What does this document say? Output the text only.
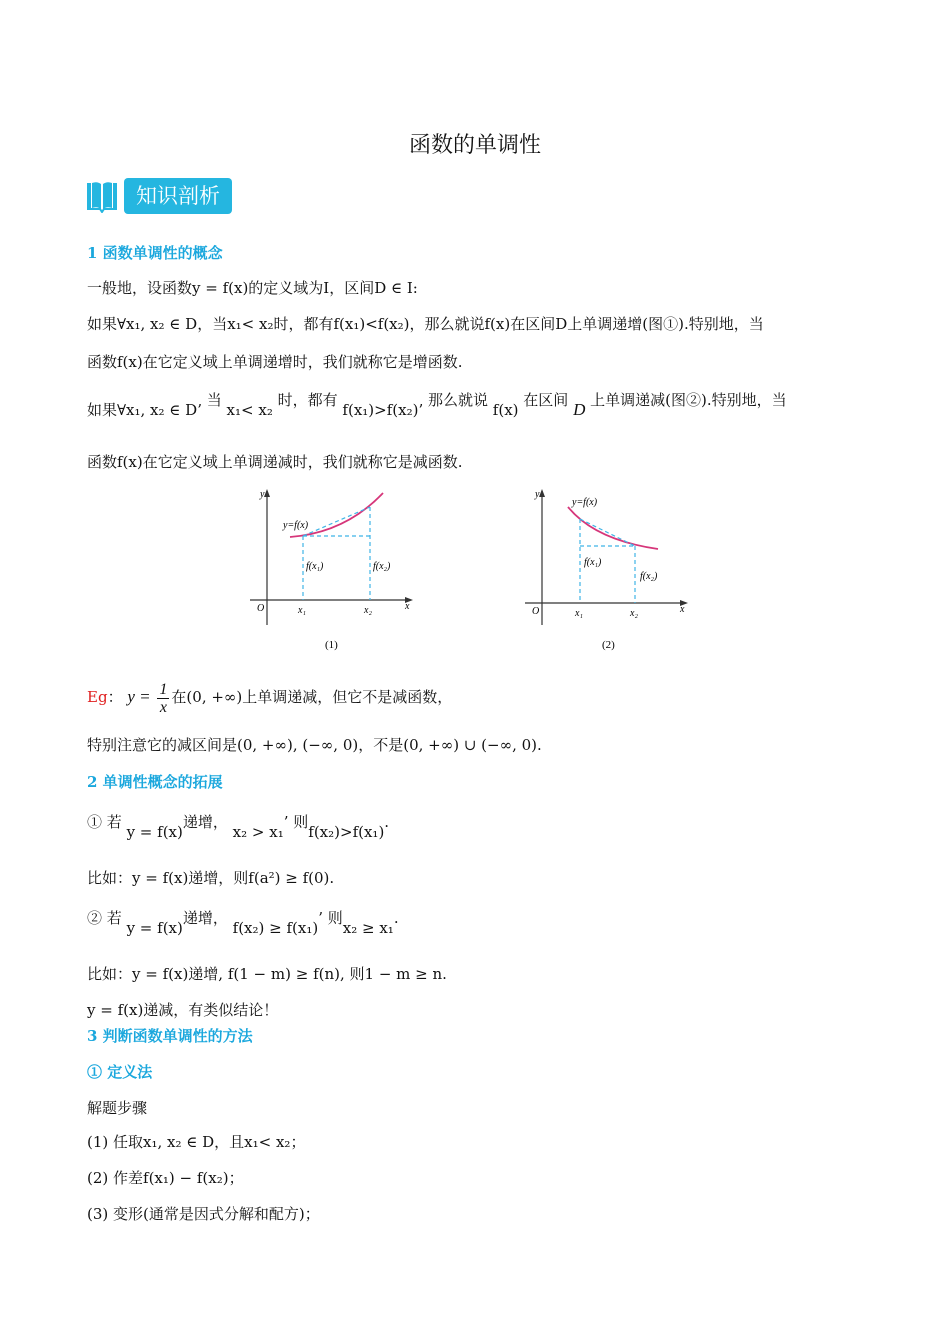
函数的单调性
知识剖析
1 函数单调性的概念
一般地，设函数y = f(x)的定义域为I，区间D ∈ I:
如果∀x₁, x₂ ∈ D，当x₁< x₂时，都有f(x₁)<f(x₂)，那么就说f(x)在区间D上单调递增(图①).特别地，当
函数f(x)在它定义域上单调递增时，我们就称它是增函数.
如果∀x₁, x₂ ∈ D’ 当 x₁< x₂ 时，都有 f(x₁)>f(x₂)’ 那么就说 f(x) 在区间 D 上单调递减(图②).特别地，当
函数f(x)在它定义域上单调递减时，我们就称它是减函数.
y
x
O
y=f(x)
f(x₁)	f(x₂)
x₁	x₂
(1)
y
x
O
y=f(x)
f(x₁)
f(x₂)
x₁	x₂
(2)
Eg： $y = \frac{1}{x}$ 在(0, +∞)上单调递减，但它不是减函数，
特别注意它的减区间是(0, +∞), (−∞, 0)，不是(0, +∞) ∪ (−∞, 0).
2 单调性概念的拓展
① 若 y = f(x)递增， x₂ > x₁’ 则f(x₂)>f(x₁).
比如：y = f(x)递增，则f(a²) ≥ f(0).
② 若 y = f(x)递增， f(x₂) ≥ f(x₁)’ 则x₂ ≥ x₁.
比如：y = f(x)递增, f(1 − m) ≥ f(n), 则1 − m ≥ n.
y = f(x)递减，有类似结论！
3 判断函数单调性的方法
① 定义法
解题步骤
(1) 任取x₁, x₂ ∈ D，且x₁< x₂；
(2) 作差f(x₁) − f(x₂)；
(3) 变形(通常是因式分解和配方)；
